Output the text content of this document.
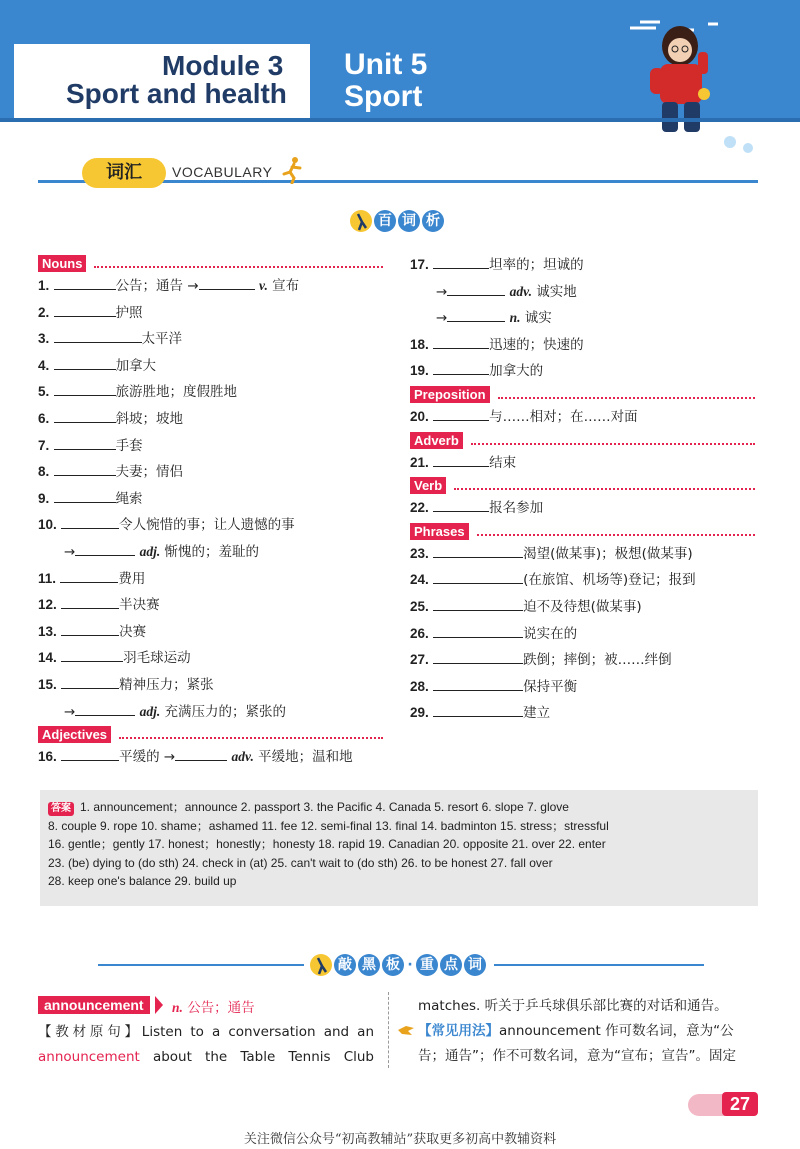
Module 3
Sport and health
Unit 5
Sport
词汇	VOCABULARY
百 词 析
Nouns
1.	公告；通告 →	v. 宣布
2.	护照
3.	太平洋
4.	加拿大
5.	旅游胜地；度假胜地
6.	斜坡；坡地
7.	手套
8.	夫妻；情侣
9.	绳索
10.	令人惋惜的事；让人遗憾的事
→	adj. 惭愧的；羞耻的
11.	费用
12.	半决赛
13.	决赛
14.	羽毛球运动
15.	精神压力；紧张
→	adj. 充满压力的；紧张的
Adjectives
16.	平缓的 →	adv. 平缓地；温和地
17.	坦率的；坦诚的
→	adv. 诚实地
→	n. 诚实
18.	迅速的；快速的
19.	加拿大的
Preposition
20.	与……相对；在……对面
Adverb
21.	结束
Verb
22.	报名参加
Phrases
23.	渴望(做某事)；极想(做某事)
24.	(在旅馆、机场等)登记；报到
25.	迫不及待想(做某事)
26.	说实在的
27.	跌倒；摔倒；被……绊倒
28.	保持平衡
29.	建立
答案 1. announcement；announce 2. passport 3. the Pacific 4. Canada 5. resort 6. slope 7. glove
8. couple 9. rope 10. shame；ashamed 11. fee 12. semi-final 13. final 14. badminton 15. stress；stressful
16. gentle；gently 17. honest；honestly；honesty 18. rapid 19. Canadian 20. opposite 21. over 22. enter
23. (be) dying to (do sth) 24. check in (at) 25. can't wait to (do sth) 26. to be honest 27. fall over
28. keep one's balance 29. build up
敲 黑 板 · 重 点 词
announcement	n. 公告；通告
【教材原句】Listen to a conversation and an announcement about the Table Tennis Club
matches. 听关于乒乓球俱乐部比赛的对话和通告。
【常见用法】announcement 作可数名词，意为“公
告；通告”；作不可数名词，意为“宣布；宣告”。固定
27
关注微信公众号“初高教辅站”获取更多初高中教辅资料
